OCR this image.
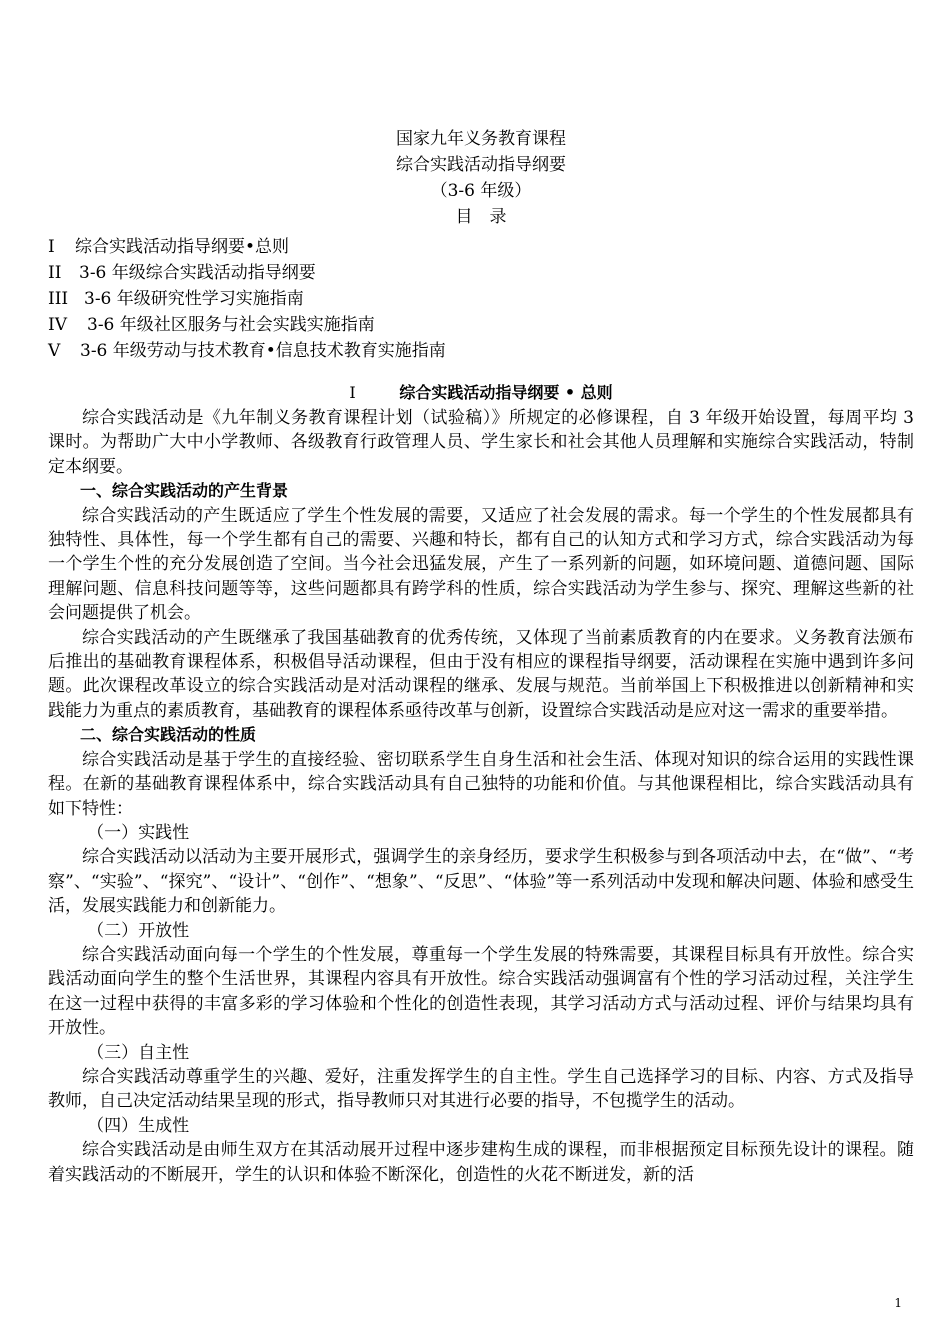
国家九年义务教育课程
综合实践活动指导纲要
（3-6 年级）
目　录
I 综合实践活动指导纲要•总则
II 3-6 年级综合实践活动指导纲要
III 3-6 年级研究性学习实施指南
IV 3-6 年级社区服务与社会实践实施指南
V 3-6 年级劳动与技术教育•信息技术教育实施指南
I	综合实践活动指导纲要 • 总则

综合实践活动是《九年制义务教育课程计划（试验稿）》所规定的必修课程，自 3 年级开始设置，每周平均 3 课时。为帮助广大中小学教师、各级教育行政管理人员、学生家长和社会其他人员理解和实施综合实践活动，特制定本纲要。

一、综合实践活动的产生背景

综合实践活动的产生既适应了学生个性发展的需要，又适应了社会发展的需求。每一个学生的个性发展都具有独特性、具体性，每一个学生都有自己的需要、兴趣和特长，都有自己的认知方式和学习方式，综合实践活动为每一个学生个性的充分发展创造了空间。当今社会迅猛发展，产生了一系列新的问题，如环境问题、道德问题、国际理解问题、信息科技问题等等，这些问题都具有跨学科的性质，综合实践活动为学生参与、探究、理解这些新的社会问题提供了机会。

综合实践活动的产生既继承了我国基础教育的优秀传统，又体现了当前素质教育的内在要求。义务教育法颁布后推出的基础教育课程体系，积极倡导活动课程，但由于没有相应的课程指导纲要，活动课程在实施中遇到许多问题。此次课程改革设立的综合实践活动是对活动课程的继承、发展与规范。当前举国上下积极推进以创新精神和实践能力为重点的素质教育，基础教育的课程体系亟待改革与创新，设置综合实践活动是应对这一需求的重要举措。

二、综合实践活动的性质

综合实践活动是基于学生的直接经验、密切联系学生自身生活和社会生活、体现对知识的综合运用的实践性课程。在新的基础教育课程体系中，综合实践活动具有自己独特的功能和价值。与其他课程相比，综合实践活动具有如下特性：

（一）实践性

综合实践活动以活动为主要开展形式，强调学生的亲身经历，要求学生积极参与到各项活动中去，在“做”、“考察”、“实验”、“探究”、“设计”、“创作”、“想象”、“反思”、“体验”等一系列活动中发现和解决问题、体验和感受生活，发展实践能力和创新能力。

（二）开放性

综合实践活动面向每一个学生的个性发展，尊重每一个学生发展的特殊需要，其课程目标具有开放性。综合实践活动面向学生的整个生活世界，其课程内容具有开放性。综合实践活动强调富有个性的学习活动过程，关注学生在这一过程中获得的丰富多彩的学习体验和个性化的创造性表现，其学习活动方式与活动过程、评价与结果均具有开放性。

（三）自主性

综合实践活动尊重学生的兴趣、爱好，注重发挥学生的自主性。学生自己选择学习的目标、内容、方式及指导教师，自己决定活动结果呈现的形式，指导教师只对其进行必要的指导，不包揽学生的活动。

（四）生成性

综合实践活动是由师生双方在其活动展开过程中逐步建构生成的课程，而非根据预定目标预先设计的课程。随着实践活动的不断展开，学生的认识和体验不断深化，创造性的火花不断迸发，新的活

1
